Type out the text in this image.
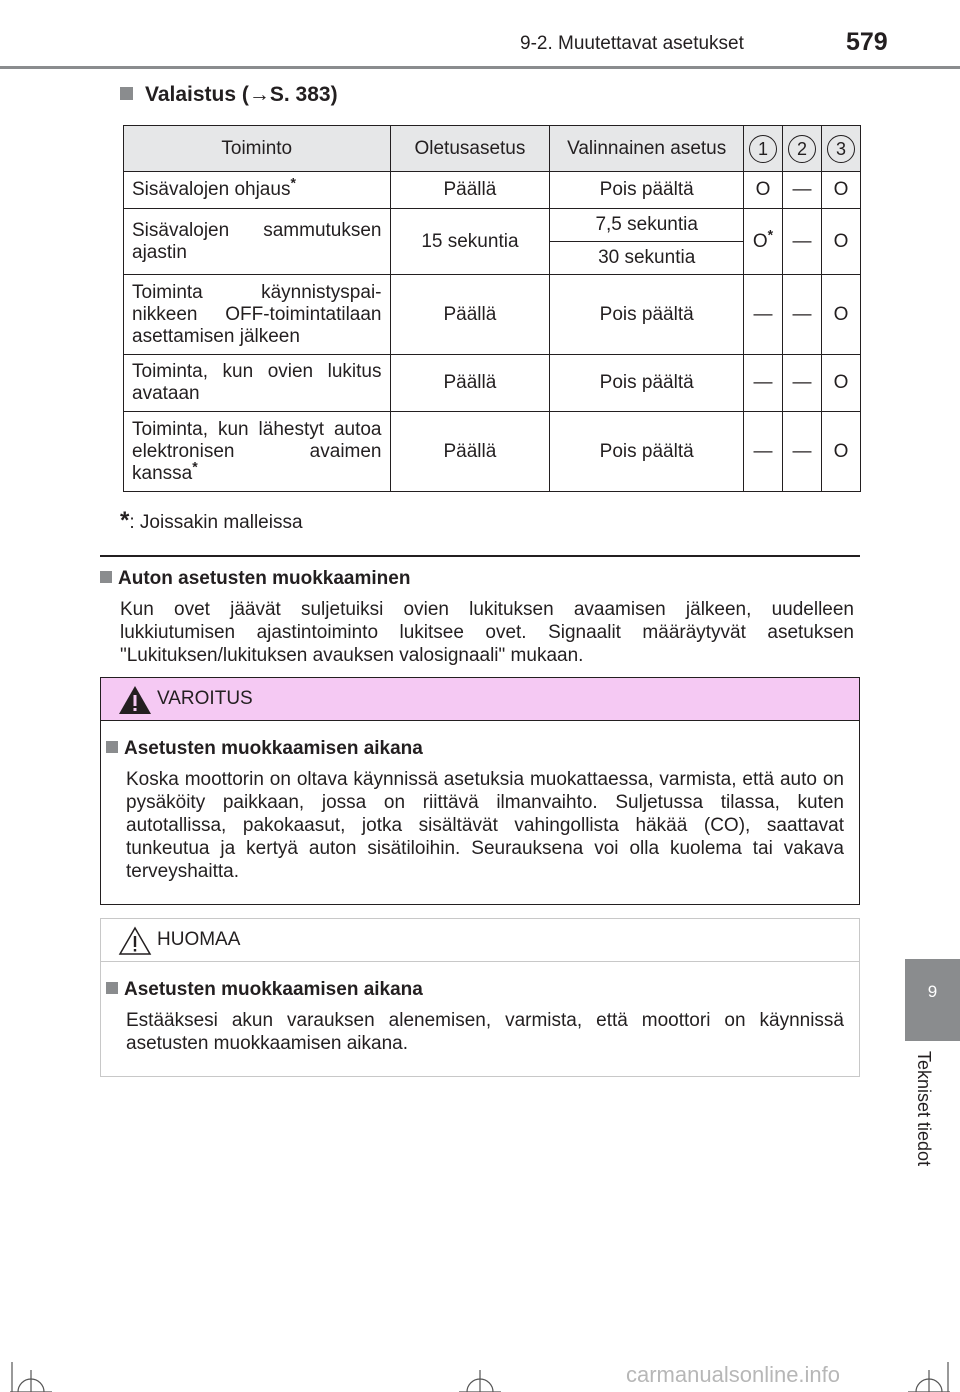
9-2. Muutettavat asetukset	579
Valaistus (→S. 383)
Toiminto	Oletusasetus	Valinnainen asetus	1	2	3
Sisävalojen ohjaus*	Päällä	Pois päältä	O	—	O
Sisävalojen sammutuksen ajastin	15 sekuntia	7,5 sekuntia	O*	—	O
		30 sekuntia			
Toiminta käynnistyspainikkeen OFF-toimintatilaan asettamisen jälkeen	Päällä	Pois päältä	—	—	O
Toiminta, kun ovien lukitus avataan	Päällä	Pois päältä	—	—	O
Toiminta, kun lähestyt autoa elektronisen avaimen kanssa*	Päällä	Pois päältä	—	—	O
*: Joissakin malleissa
Auton asetusten muokkaaminen
Kun ovet jäävät suljetuiksi ovien lukituksen avaamisen jälkeen, uudelleen lukkiutumisen ajastintoiminto lukitsee ovet. Signaalit määräytyvät asetuksen "Lukituksen/lukituksen avauksen valosignaali" mukaan.
VAROITUS
Asetusten muokkaamisen aikana
Koska moottorin on oltava käynnissä asetuksia muokattaessa, varmista, että auto on pysäköity paikkaan, jossa on riittävä ilmanvaihto. Suljetussa tilassa, kuten autotallissa, pakokaasut, jotka sisältävät vahingollista häkää (CO), saattavat tunkeutua ja kertyä auton sisätiloihin. Seurauksena voi olla kuolema tai vakava terveyshaitta.
HUOMAA
Asetusten muokkaamisen aikana
Estääksesi akun varauksen alenemisen, varmista, että moottori on käynnissä asetusten muokkaamisen aikana.
9
Tekniset tiedot
carmanualsonline.info
